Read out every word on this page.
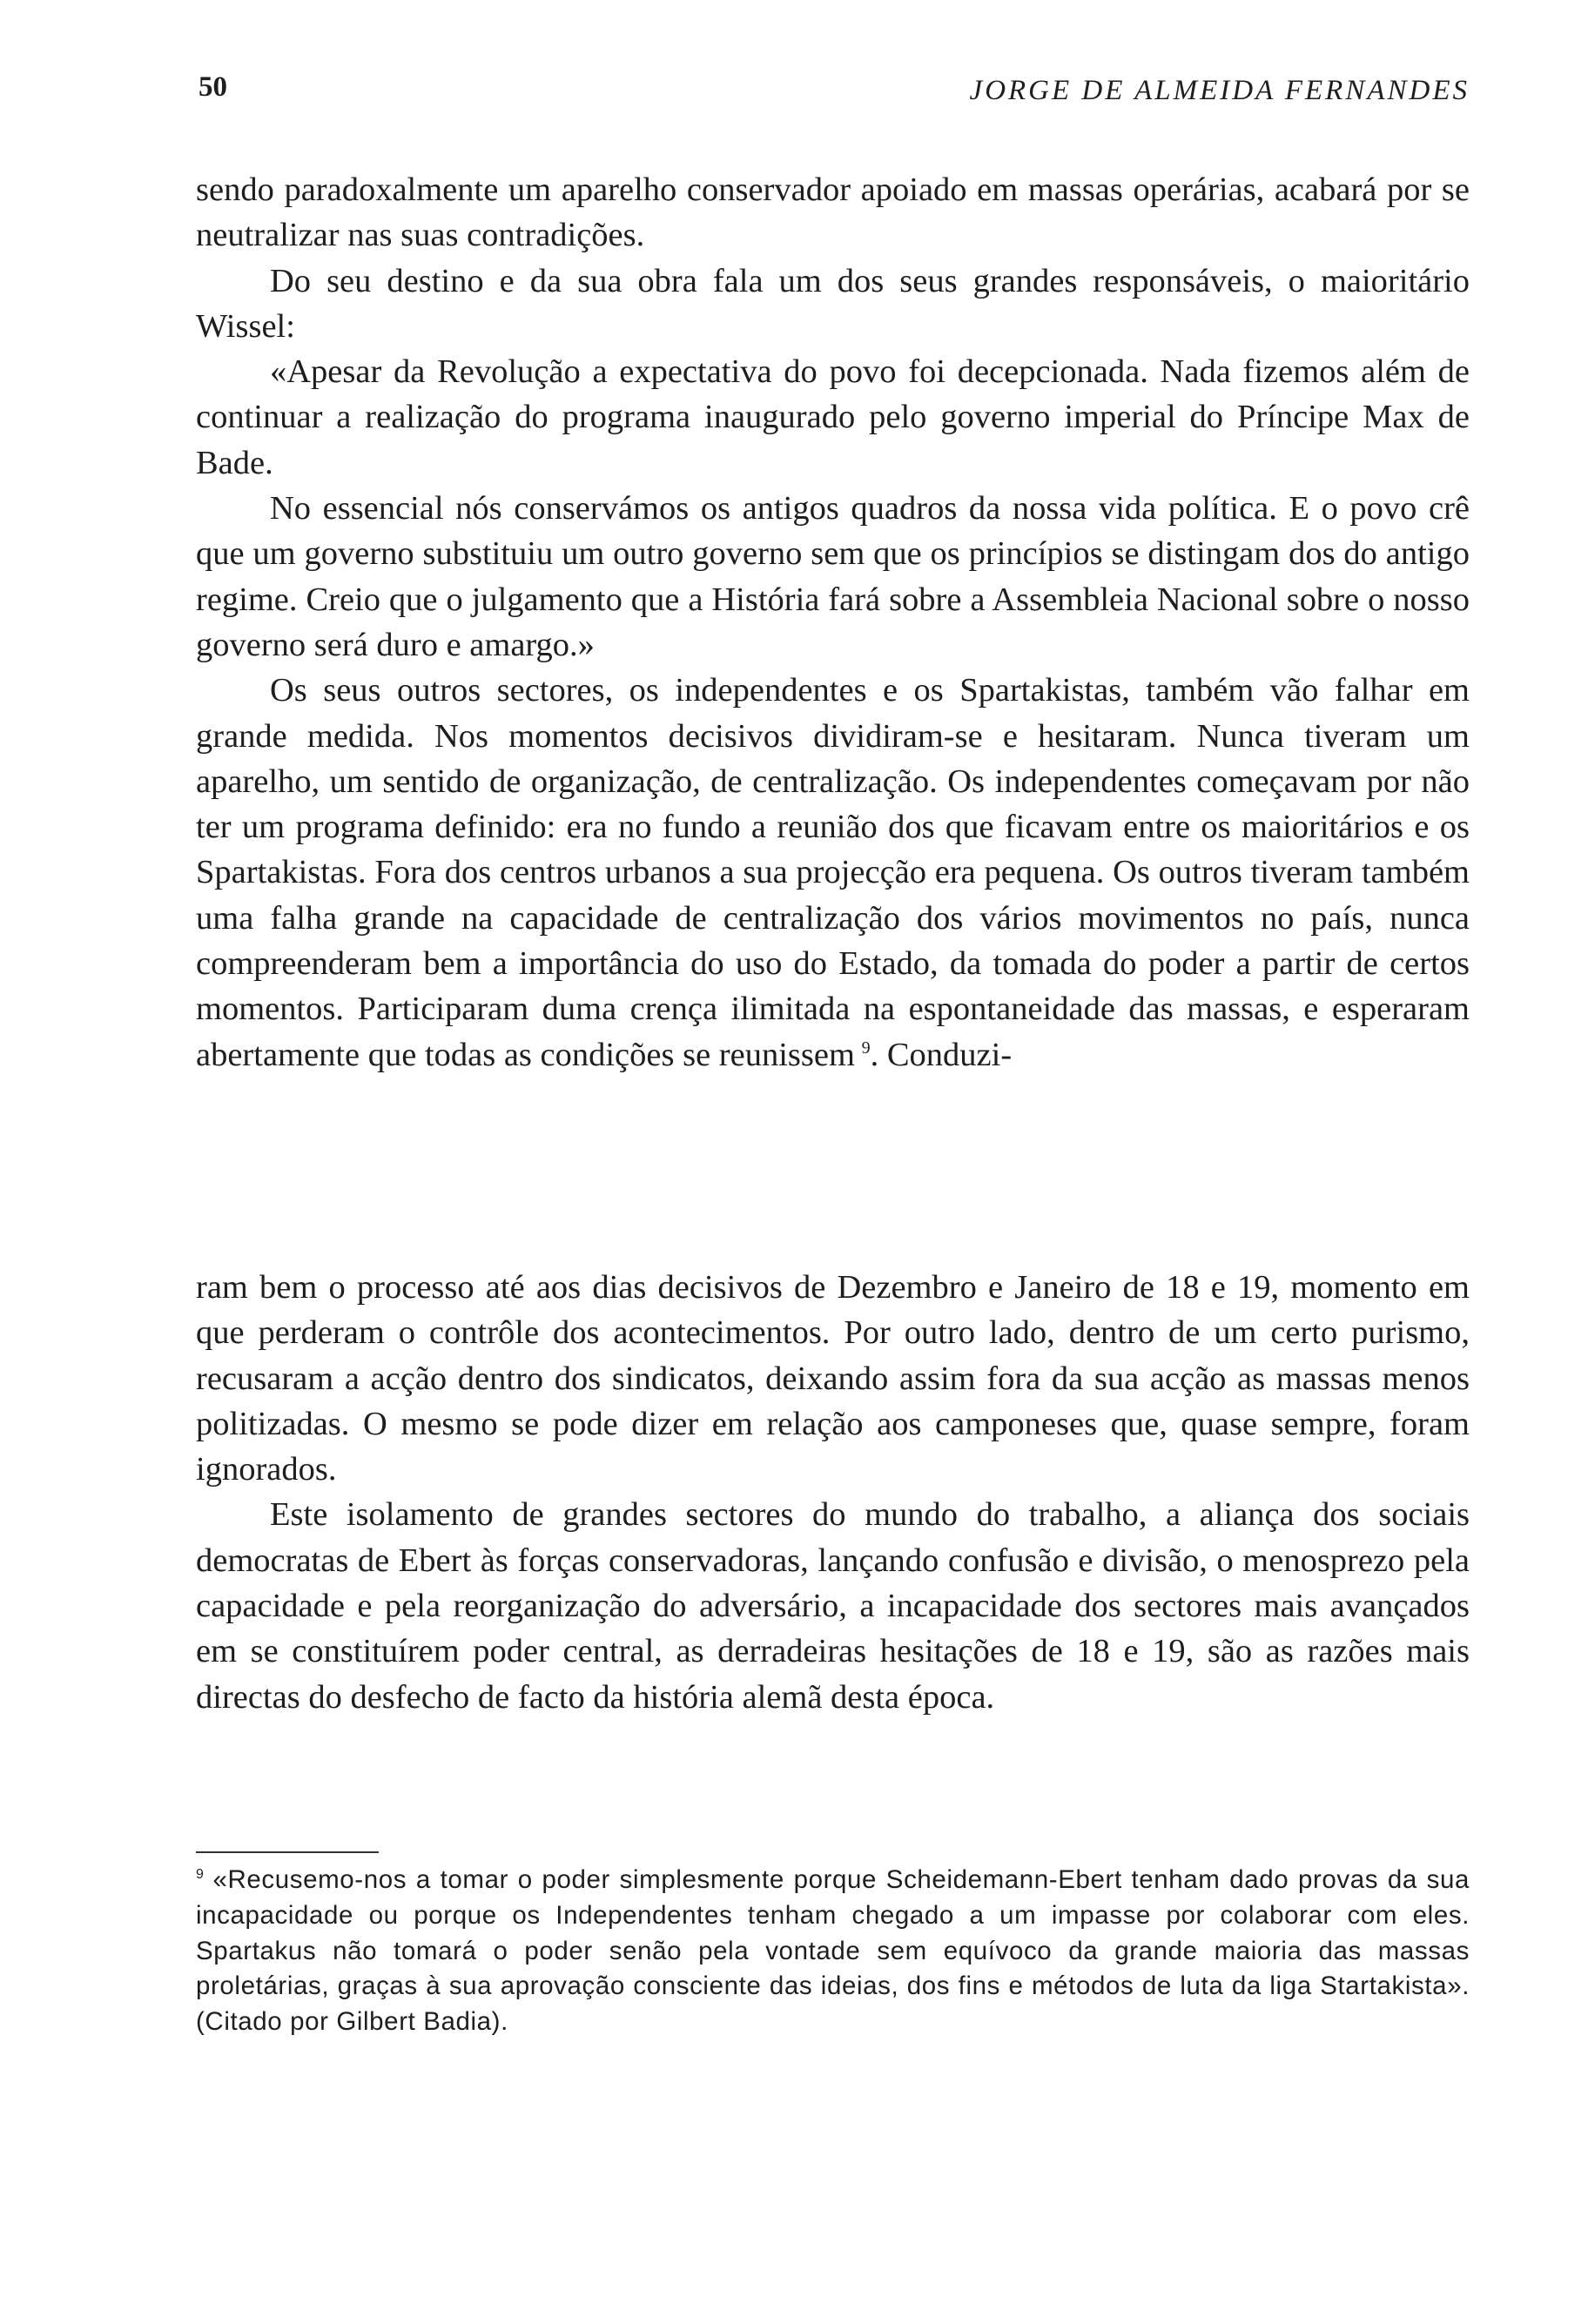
50	JORGE DE ALMEIDA FERNANDES

sendo paradoxalmente um aparelho conservador apoiado em massas operárias, acabará por se neutralizar nas suas contradições.

Do seu destino e da sua obra fala um dos seus grandes responsáveis, o maioritário Wissel:

«Apesar da Revolução a expectativa do povo foi decepcionada. Nada fizemos além de continuar a realização do programa inaugurado pelo governo imperial do Príncipe Max de Bade.

No essencial nós conservámos os antigos quadros da nossa vida política. E o povo crê que um governo substituiu um outro governo sem que os princípios se distingam dos do antigo regime. Creio que o julgamento que a História fará sobre a Assembleia Nacional sobre o nosso governo será duro e amargo.»

Os seus outros sectores, os independentes e os Spartakistas, também vão falhar em grande medida. Nos momentos decisivos dividiram-se e hesitaram. Nunca tiveram um aparelho, um sentido de organização, de centralização. Os independentes começavam por não ter um programa definido: era no fundo a reunião dos que ficavam entre os maioritários e os Spartakistas. Fora dos centros urbanos a sua projecção era pequena. Os outros tiveram também uma falha grande na capacidade de centralização dos vários movimentos no país, nunca compreenderam bem a importância do uso do Estado, da tomada do poder a partir de certos momentos. Participaram duma crença ilimitada na espontaneidade das massas, e esperaram abertamente que todas as condições se reunissem  $^9$. Conduzi-

ram bem o processo até aos dias decisivos de Dezembro e Janeiro de 18 e 19, momento em que perderam o contrôle dos acontecimentos. Por outro lado, dentro de um certo purismo, recusaram a acção dentro dos sindicatos, deixando assim fora da sua acção as massas menos politizadas. O mesmo se pode dizer em relação aos camponeses que, quase sempre, foram ignorados.

Este isolamento de grandes sectores do mundo do trabalho, a aliança dos sociais democratas de Ebert às forças conservadoras, lançando confusão e divisão, o menosprezo pela capacidade e pela reorganização do adversário, a incapacidade dos sectores mais avançados em se constituírem poder central, as derradeiras hesitações de 18 e 19, são as razões mais directas do desfecho de facto da história alemã desta época.

$^9$ «Recusemo-nos a tomar o poder simplesmente porque Scheidemann-Ebert tenham dado provas da sua incapacidade ou porque os Independentes tenham chegado a um impasse por colaborar com eles. Spartakus não tomará o poder senão pela vontade sem equívoco da grande maioria das massas proletárias, graças à sua aprovação consciente das ideias, dos fins e métodos de luta da liga Startakista». (Citado por Gilbert Badia).
